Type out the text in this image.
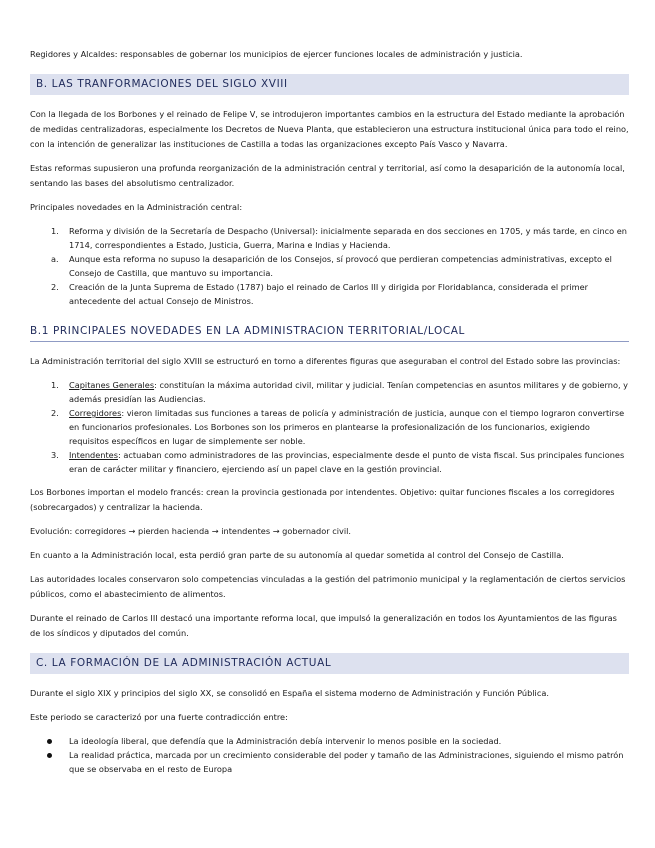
Regidores y Alcaldes: responsables de gobernar los municipios de ejercer funciones locales de administración y justicia.

B. LAS TRANFORMACIONES DEL SIGLO XVIII

Con la llegada de los Borbones y el reinado de Felipe V, se introdujeron importantes cambios en la estructura del Estado mediante la aprobación de medidas centralizadoras, especialmente los Decretos de Nueva Planta, que establecieron una estructura institucional única para todo el reino, con la intención de generalizar las instituciones de Castilla a todas las organizaciones excepto País Vasco y Navarra.

Estas reformas supusieron una profunda reorganización de la administración central y territorial, así como la desaparición de la autonomía local, sentando las bases del absolutismo centralizador.

Principales novedades en la Administración central:

1. Reforma y división de la Secretaría de Despacho (Universal): inicialmente separada en dos secciones en 1705, y más tarde, en cinco en 1714, correspondientes a Estado, Justicia, Guerra, Marina e Indias y Hacienda.
a. Aunque esta reforma no supuso la desaparición de los Consejos, sí provocó que perdieran competencias administrativas, excepto el Consejo de Castilla, que mantuvo su importancia.
2. Creación de la Junta Suprema de Estado (1787) bajo el reinado de Carlos III y dirigida por Floridablanca, considerada el primer antecedente del actual Consejo de Ministros.
B.1 PRINCIPALES NOVEDADES EN LA ADMINISTRACION TERRITORIAL/LOCAL

La Administración territorial del siglo XVIII se estructuró en torno a diferentes figuras que aseguraban el control del Estado sobre las provincias:

1. Capitanes Generales: constituían la máxima autoridad civil, militar y judicial. Tenían competencias en asuntos militares y de gobierno, y además presidían las Audiencias.
2. Corregidores: vieron limitadas sus funciones a tareas de policía y administración de justicia, aunque con el tiempo lograron convertirse en funcionarios profesionales. Los Borbones son los primeros en plantearse la profesionalización de los funcionarios, exigiendo requisitos específicos en lugar de simplemente ser noble.
3. Intendentes: actuaban como administradores de las provincias, especialmente desde el punto de vista fiscal. Sus principales funciones eran de carácter militar y financiero, ejerciendo así un papel clave en la gestión provincial.

Los Borbones importan el modelo francés: crean la provincia gestionada por intendentes. Objetivo: quitar funciones fiscales a los corregidores (sobrecargados) y centralizar la hacienda.

Evolución: corregidores → pierden hacienda → intendentes → gobernador civil.

En cuanto a la Administración local, esta perdió gran parte de su autonomía al quedar sometida al control del Consejo de Castilla.

Las autoridades locales conservaron solo competencias vinculadas a la gestión del patrimonio municipal y la reglamentación de ciertos servicios públicos, como el abastecimiento de alimentos.

Durante el reinado de Carlos III destacó una importante reforma local, que impulsó la generalización en todos los Ayuntamientos de las figuras de los síndicos y diputados del común.

C. LA FORMACIÓN DE LA ADMINISTRACIÓN ACTUAL

Durante el siglo XIX y principios del siglo XX, se consolidó en España el sistema moderno de Administración y Función Pública.

Este periodo se caracterizó por una fuerte contradicción entre:

La ideología liberal, que defendía que la Administración debía intervenir lo menos posible en la sociedad.
La realidad práctica, marcada por un crecimiento considerable del poder y tamaño de las Administraciones, siguiendo el mismo patrón que se observaba en el resto de Europa
